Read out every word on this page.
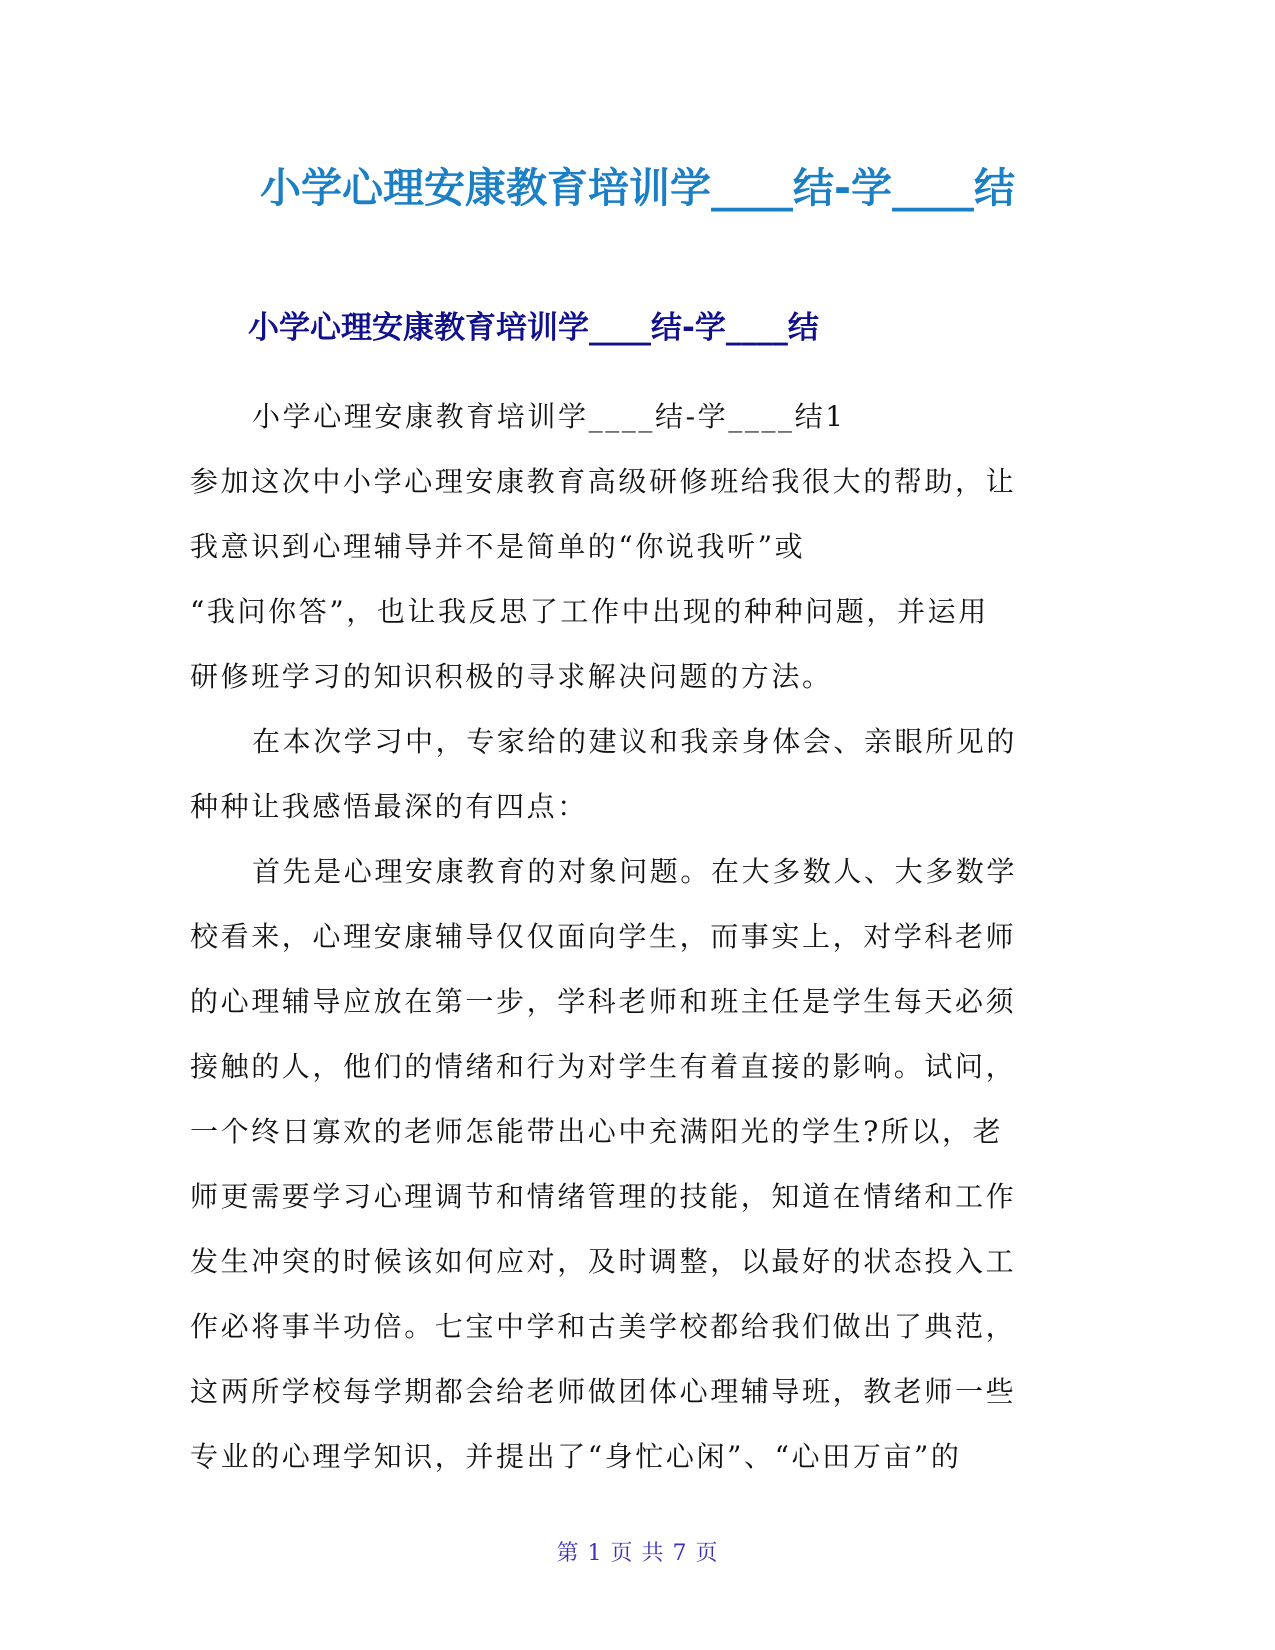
小学心理安康教育培训学____结-学____结
小学心理安康教育培训学____结-学____结
小学心理安康教育培训学____结-学____结1
参加这次中小学心理安康教育高级研修班给我很大的帮助，让
我意识到心理辅导并不是简单的“你说我听”或
“我问你答”，也让我反思了工作中出现的种种问题，并运用
研修班学习的知识积极的寻求解决问题的方法。
在本次学习中，专家给的建议和我亲身体会、亲眼所见的
种种让我感悟最深的有四点：
首先是心理安康教育的对象问题。在大多数人、大多数学
校看来，心理安康辅导仅仅面向学生，而事实上，对学科老师
的心理辅导应放在第一步，学科老师和班主任是学生每天必须
接触的人，他们的情绪和行为对学生有着直接的影响。试问，
一个终日寡欢的老师怎能带出心中充满阳光的学生?所以，老
师更需要学习心理调节和情绪管理的技能，知道在情绪和工作
发生冲突的时候该如何应对，及时调整，以最好的状态投入工
作必将事半功倍。七宝中学和古美学校都给我们做出了典范，
这两所学校每学期都会给老师做团体心理辅导班，教老师一些
专业的心理学知识，并提出了“身忙心闲”、“心田万亩”的
第 1 页 共 7 页
